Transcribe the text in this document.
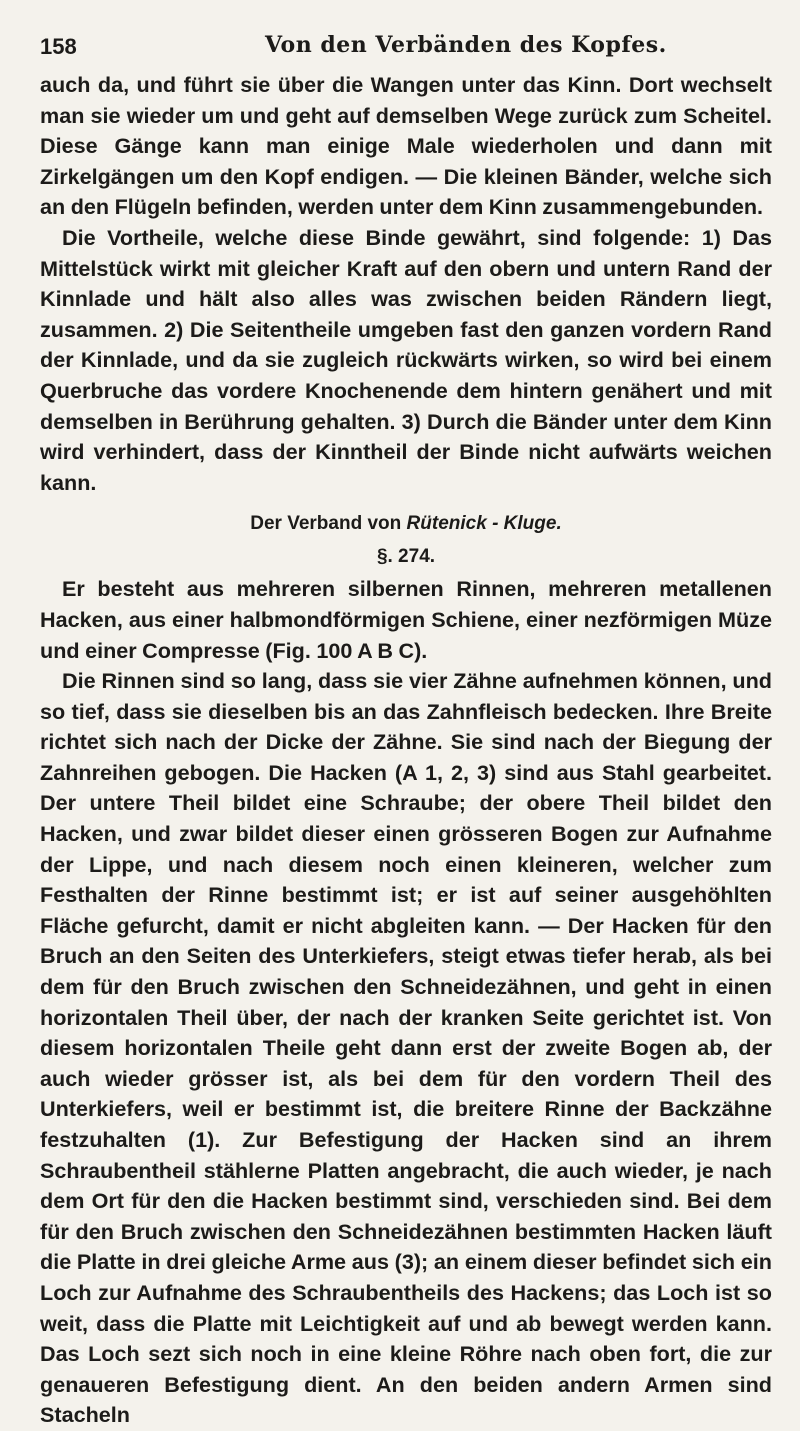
158	Von den Verbänden des Kopfes.

auch da, und führt sie über die Wangen unter das Kinn. Dort wechselt man sie wieder um und geht auf demselben Wege zurück zum Scheitel. Diese Gänge kann man einige Male wiederholen und dann mit Zirkelgängen um den Kopf endigen. — Die kleinen Bänder, welche sich an den Flügeln befinden, werden unter dem Kinn zusammengebunden.

Die Vortheile, welche diese Binde gewährt, sind folgende: 1) Das Mittelstück wirkt mit gleicher Kraft auf den obern und untern Rand der Kinnlade und hält also alles was zwischen beiden Rändern liegt, zusammen. 2) Die Seitentheile umgeben fast den ganzen vordern Rand der Kinnlade, und da sie zugleich rückwärts wirken, so wird bei einem Querbruche das vordere Knochenende dem hintern genähert und mit demselben in Berührung gehalten. 3) Durch die Bänder unter dem Kinn wird verhindert, dass der Kinntheil der Binde nicht aufwärts weichen kann.

Der Verband von Rütenick - Kluge.
§. 274.

Er besteht aus mehreren silbernen Rinnen, mehreren metallenen Hacken, aus einer halbmondförmigen Schiene, einer nezförmigen Müze und einer Compresse (Fig. 100 A B C).

Die Rinnen sind so lang, dass sie vier Zähne aufnehmen können, und so tief, dass sie dieselben bis an das Zahnfleisch bedecken. Ihre Breite richtet sich nach der Dicke der Zähne. Sie sind nach der Biegung der Zahnreihen gebogen. Die Hacken (A 1, 2, 3) sind aus Stahl gearbeitet. Der untere Theil bildet eine Schraube; der obere Theil bildet den Hacken, und zwar bildet dieser einen grösseren Bogen zur Aufnahme der Lippe, und nach diesem noch einen kleineren, welcher zum Festhalten der Rinne bestimmt ist; er ist auf seiner ausgehöhlten Fläche gefurcht, damit er nicht abgleiten kann. — Der Hacken für den Bruch an den Seiten des Unterkiefers, steigt etwas tiefer herab, als bei dem für den Bruch zwischen den Schneidezähnen, und geht in einen horizontalen Theil über, der nach der kranken Seite gerichtet ist. Von diesem horizontalen Theile geht dann erst der zweite Bogen ab, der auch wieder grösser ist, als bei dem für den vordern Theil des Unterkiefers, weil er bestimmt ist, die breitere Rinne der Backzähne festzuhalten (1). Zur Befestigung der Hacken sind an ihrem Schraubentheil stählerne Platten angebracht, die auch wieder, je nach dem Ort für den die Hacken bestimmt sind, verschieden sind. Bei dem für den Bruch zwischen den Schneidezähnen bestimmten Hacken läuft die Platte in drei gleiche Arme aus (3); an einem dieser befindet sich ein Loch zur Aufnahme des Schraubentheils des Hackens; das Loch ist so weit, dass die Platte mit Leichtigkeit auf und ab bewegt werden kann. Das Loch sezt sich noch in eine kleine Röhre nach oben fort, die zur genaueren Befestigung dient. An den beiden andern Armen sind Stacheln
